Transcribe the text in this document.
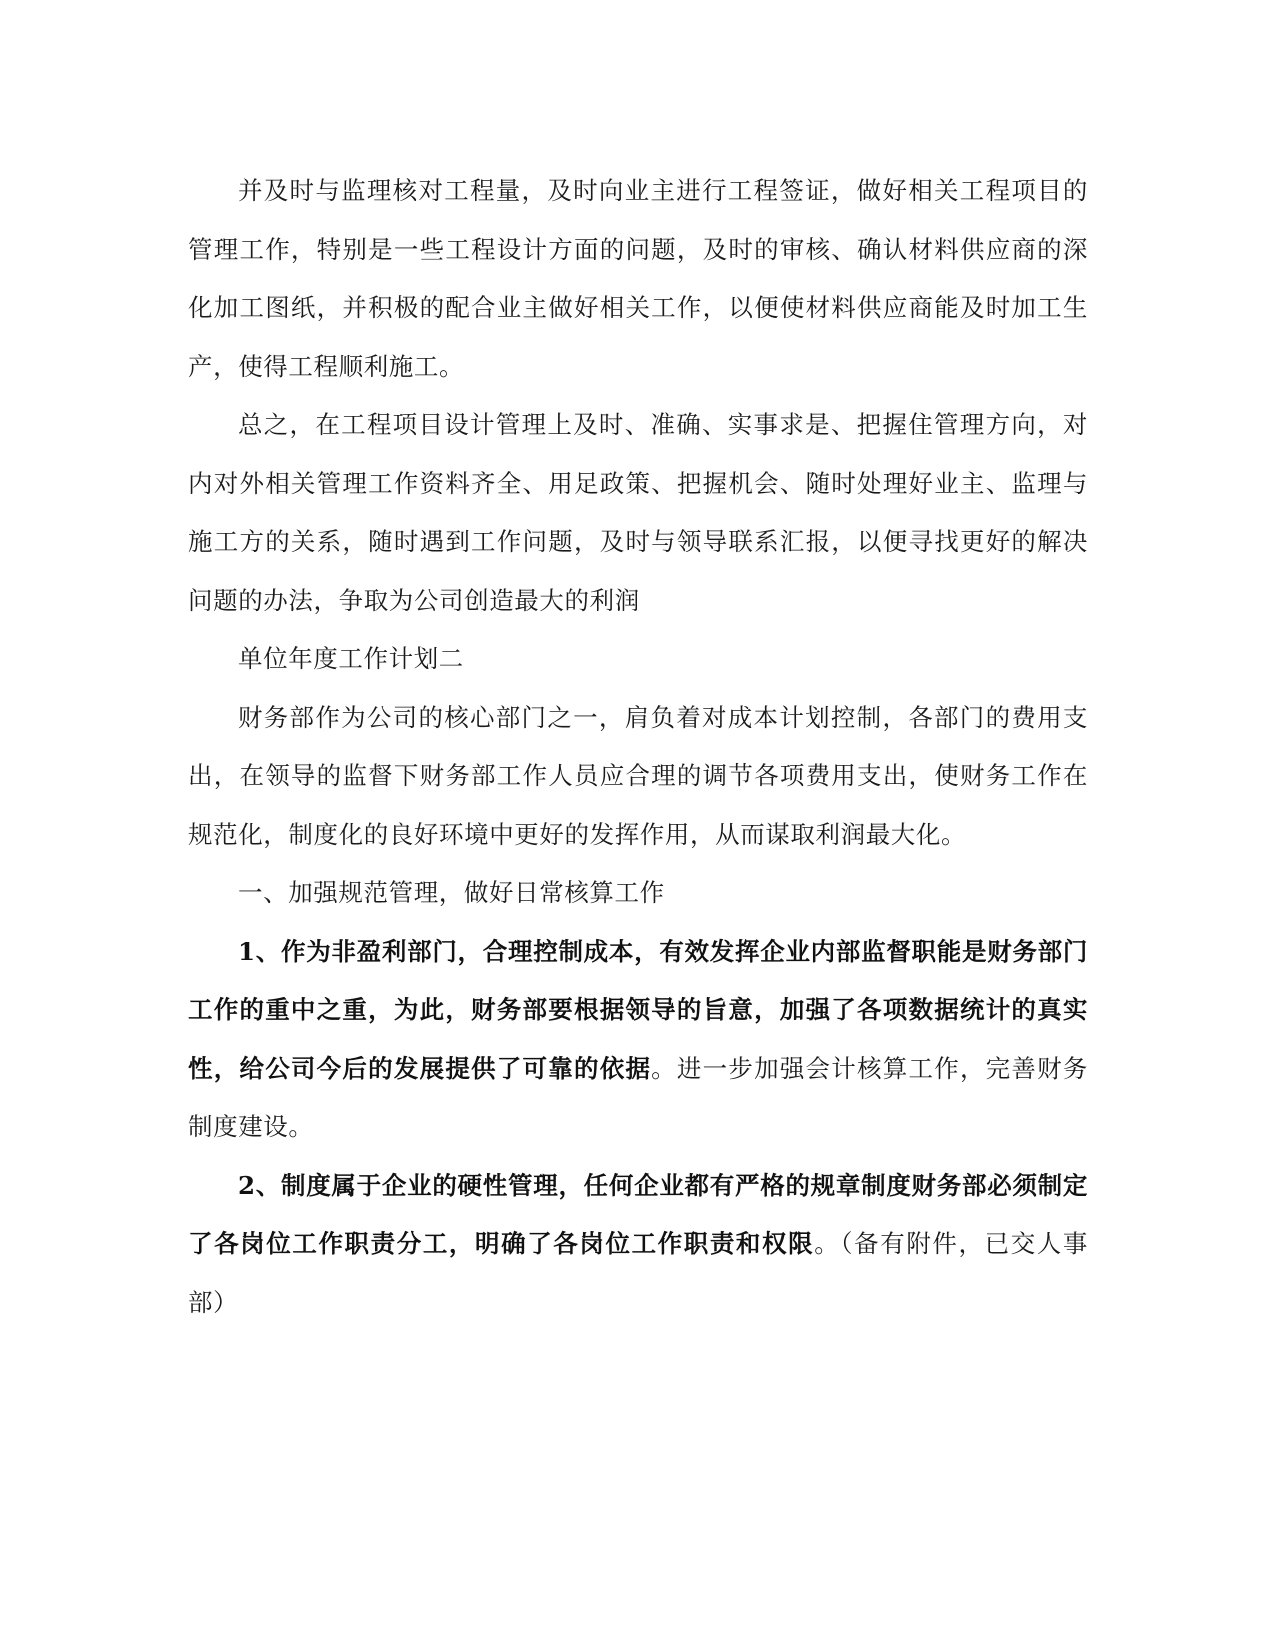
并及时与监理核对工程量，及时向业主进行工程签证，做好相关工程项目的管理工作，特别是一些工程设计方面的问题，及时的审核、确认材料供应商的深化加工图纸，并积极的配合业主做好相关工作，以便使材料供应商能及时加工生产，使得工程顺利施工。

总之，在工程项目设计管理上及时、准确、实事求是、把握住管理方向，对内对外相关管理工作资料齐全、用足政策、把握机会、随时处理好业主、监理与施工方的关系，随时遇到工作问题，及时与领导联系汇报，以便寻找更好的解决问题的办法，争取为公司创造最大的利润

单位年度工作计划二

财务部作为公司的核心部门之一，肩负着对成本计划控制，各部门的费用支出，在领导的监督下财务部工作人员应合理的调节各项费用支出，使财务工作在规范化，制度化的良好环境中更好的发挥作用，从而谋取利润最大化。

一、加强规范管理，做好日常核算工作

1、作为非盈利部门，合理控制成本，有效发挥企业内部监督职能是财务部门工作的重中之重，为此，财务部要根据领导的旨意，加强了各项数据统计的真实性，给公司今后的发展提供了可靠的依据。进一步加强会计核算工作，完善财务制度建设。

2、制度属于企业的硬性管理，任何企业都有严格的规章制度财务部必须制定了各岗位工作职责分工，明确了各岗位工作职责和权限。（备有附件，已交人事部）
